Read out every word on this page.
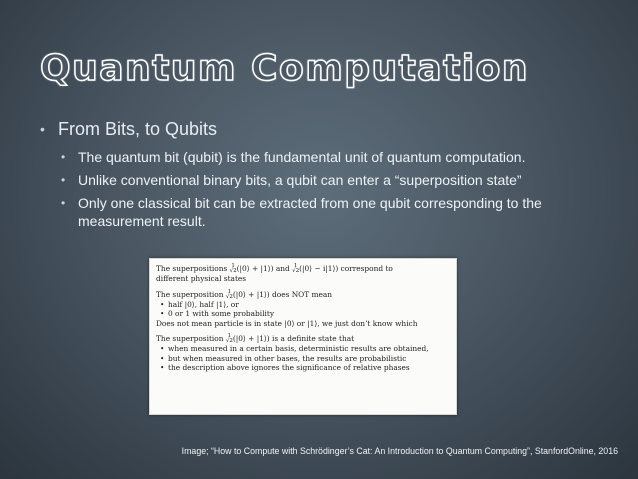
Quantum Computation
• From Bits, to Qubits
• The quantum bit (qubit) is the fundamental unit of quantum computation.
• Unlike conventional binary bits, a qubit can enter a “superposition state”
• Only one classical bit can be extracted from one qubit corresponding to the measurement result.

The superpositions 1
√2(|0⟩ + |1⟩) and 1
√2(|0⟩ − i|1⟩) correspond to
different physical states

The superposition 1
√2(|0⟩ + |1⟩) does NOT mean

• half |0⟩, half |1⟩, or

• 0 or 1 with some probability

Does not mean particle is in state |0⟩ or |1⟩, we just don’t know which

The superposition 1
√2(|0⟩ + |1⟩) is a definite state that

• when measured in a certain basis, deterministic results are obtained,

• but when measured in other bases, the results are probabilistic

• the description above ignores the significance of relative phases

Image; “How to Compute with Schrödinger’s Cat: An Introduction to Quantum Computing”, StanfordOnline, 2016
